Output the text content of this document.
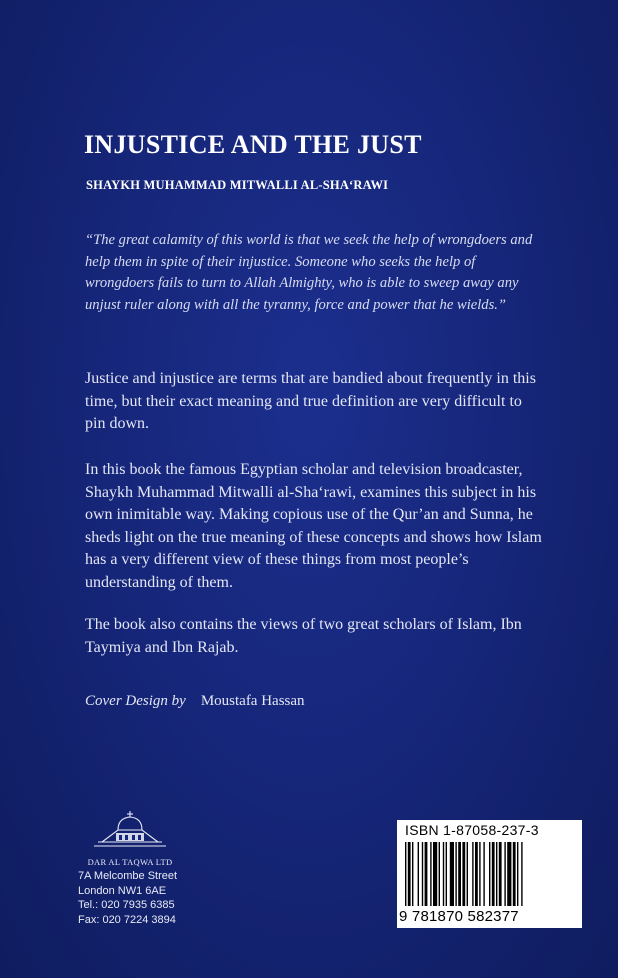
INJUSTICE AND THE JUST
SHAYKH MUHAMMAD MITWALLI AL-SHA‘RAWI

“The great calamity of this world is that we seek the help of wrongdoers and help them in spite of their injustice. Someone who seeks the help of wrongdoers fails to turn to Allah Almighty, who is able to sweep away any unjust ruler along with all the tyranny, force and power that he wields.”

Justice and injustice are terms that are bandied about frequently in this time, but their exact meaning and true definition are very difficult to pin down.

In this book the famous Egyptian scholar and television broadcaster, Shaykh Muhammad Mitwalli al-Sha‘rawi, examines this subject in his own inimitable way. Making copious use of the Qur’an and Sunna, he sheds light on the true meaning of these concepts and shows how Islam has a very different view of these things from most people’s understanding of them.

The book also contains the views of two great scholars of Islam, Ibn Taymiya and Ibn Rajab.

Cover Design by Moustafa Hassan
DAR AL TAQWA LTD
7A Melcombe Street
London NW1 6AE
Tel.: 020 7935 6385
Fax: 020 7224 3894
ISBN 1-87058-237-3
9 781870 582377
